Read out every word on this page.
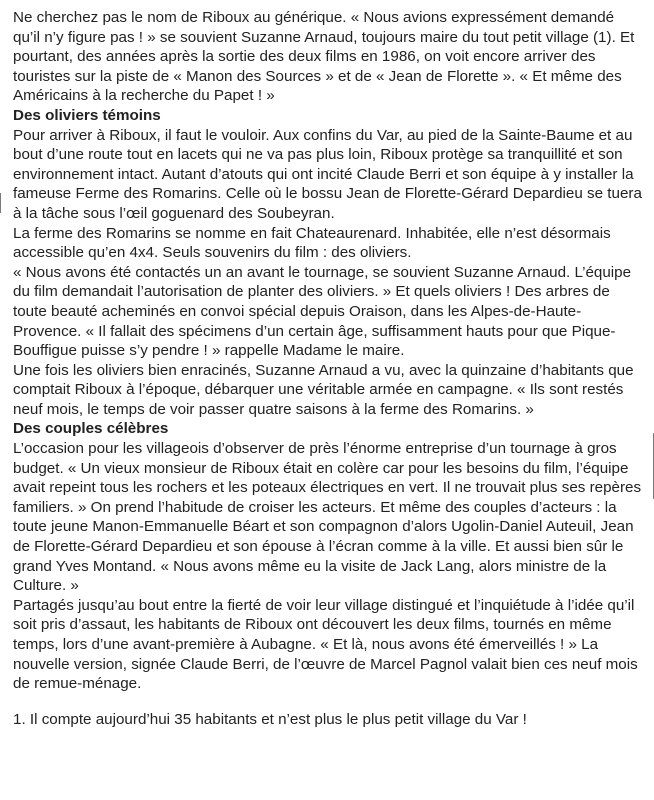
Ne cherchez pas le nom de Riboux au générique. « Nous avions expressément demandé qu’il n’y figure pas ! » se souvient Suzanne Arnaud, toujours maire du tout petit village (1). Et pourtant, des années après la sortie des deux films en 1986, on voit encore arriver des touristes sur la piste de « Manon des Sources » et de « Jean de Florette ». « Et même des Américains à la recherche du Papet ! »

Des oliviers témoins

Pour arriver à Riboux, il faut le vouloir. Aux confins du Var, au pied de la Sainte-Baume et au bout d’une route tout en lacets qui ne va pas plus loin, Riboux protège sa tranquillité et son environnement intact. Autant d’atouts qui ont incité Claude Berri et son équipe à y installer la fameuse Ferme des Romarins. Celle où le bossu Jean de Florette-Gérard Depardieu se tuera à la tâche sous l’œil goguenard des Soubeyran.

La ferme des Romarins se nomme en fait Chateaurenard. Inhabitée, elle n’est désormais accessible qu’en 4x4. Seuls souvenirs du film : des oliviers.

« Nous avons été contactés un an avant le tournage, se souvient Suzanne Arnaud. L’équipe du film demandait l’autorisation de planter des oliviers. » Et quels oliviers ! Des arbres de toute beauté acheminés en convoi spécial depuis Oraison, dans les Alpes-de-Haute-Provence. « Il fallait des spécimens d’un certain âge, suffisamment hauts pour que Pique-Bouffigue puisse s’y pendre ! » rappelle Madame le maire.

Une fois les oliviers bien enracinés, Suzanne Arnaud a vu, avec la quinzaine d’habitants que comptait Riboux à l’époque, débarquer une véritable armée en campagne. « Ils sont restés neuf mois, le temps de voir passer quatre saisons à la ferme des Romarins. »

Des couples célèbres

L’occasion pour les villageois d’observer de près l’énorme entreprise d’un tournage à gros budget. « Un vieux monsieur de Riboux était en colère car pour les besoins du film, l’équipe avait repeint tous les rochers et les poteaux électriques en vert. Il ne trouvait plus ses repères familiers. » On prend l’habitude de croiser les acteurs. Et même des couples d’acteurs : la toute jeune Manon-Emmanuelle Béart et son compagnon d’alors Ugolin-Daniel Auteuil, Jean de Florette-Gérard Depardieu et son épouse à l’écran comme à la ville. Et aussi bien sûr le grand Yves Montand. « Nous avons même eu la visite de Jack Lang, alors ministre de la Culture. »

Partagés jusqu’au bout entre la fierté de voir leur village distingué et l’inquiétude à l’idée qu’il soit pris d’assaut, les habitants de Riboux ont découvert les deux films, tournés en même temps, lors d’une avant-première à Aubagne. « Et là, nous avons été émerveillés ! » La nouvelle version, signée Claude Berri, de l’œuvre de Marcel Pagnol valait bien ces neuf mois de remue-ménage.

1. Il compte aujourd’hui 35 habitants et n’est plus le plus petit village du Var !
